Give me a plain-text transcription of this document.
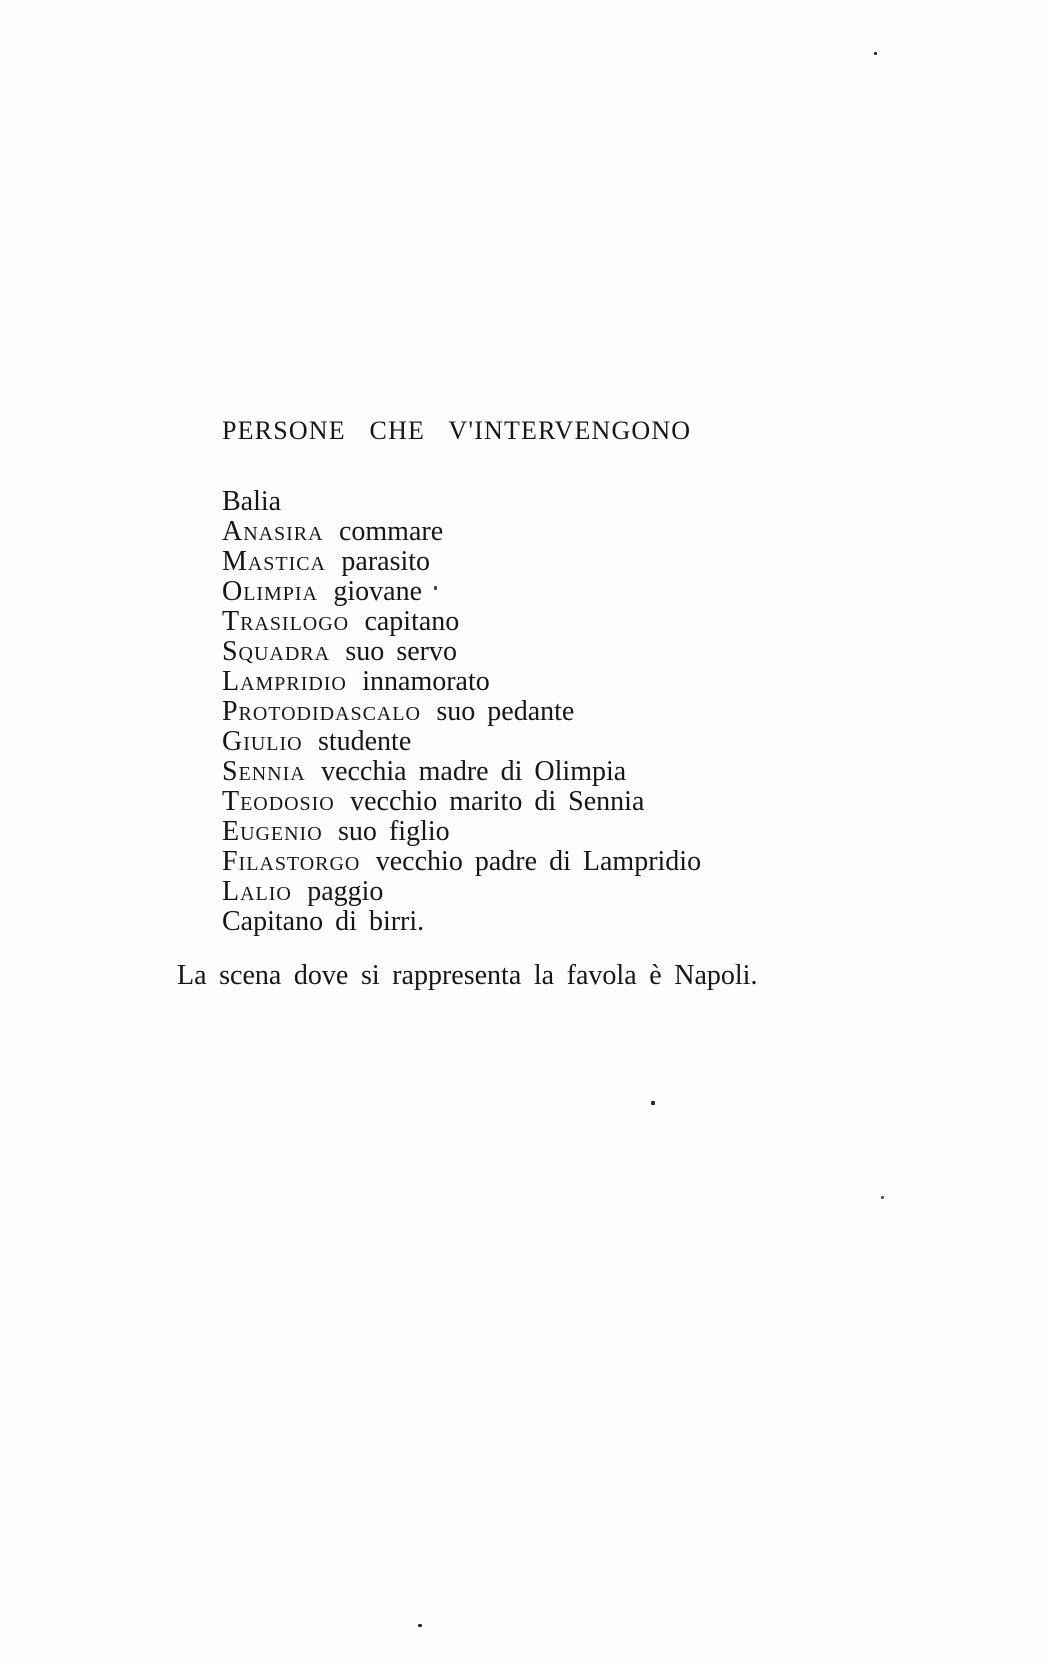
PERSONE CHE V'INTERVENGONO
Balia
Anasira commare
Mastica parasito
Olimpia giovane
Trasilogo capitano
Squadra suo servo
Lampridio innamorato
Protodidascalo suo pedante
Giulio studente
Sennia vecchia madre di Olimpia
Teodosio vecchio marito di Sennia
Eugenio suo figlio
Filastorgo vecchio padre di Lampridio
Lalio paggio
Capitano di birri.
La scena dove si rappresenta la favola è Napoli.
